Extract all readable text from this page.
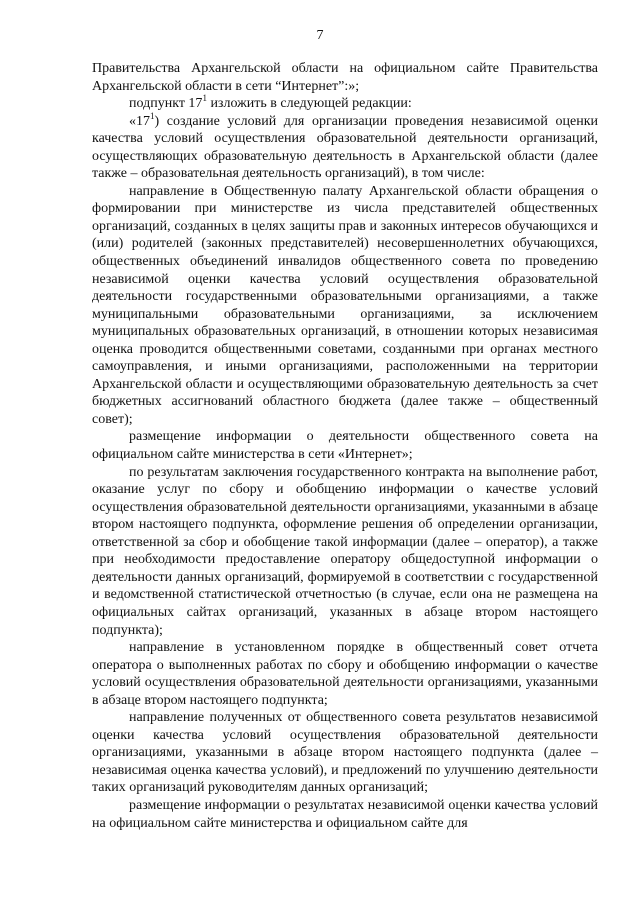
7

Правительства Архангельской области на официальном сайте Правительства Архангельской области в сети “Интернет”:»;

подпункт $17^1$ изложить в следующей редакции:

«$17^1$) создание условий для организации проведения независимой оценки качества условий осуществления образовательной деятельности организаций, осуществляющих образовательную деятельность в Архангельской области (далее также – образовательная деятельность организаций), в том числе:

направление в Общественную палату Архангельской области обращения о формировании при министерстве из числа представителей общественных организаций, созданных в целях защиты прав и законных интересов обучающихся и (или) родителей (законных представителей) несовершеннолетних обучающихся, общественных объединений инвалидов общественного совета по проведению независимой оценки качества условий осуществления образовательной деятельности государственными образовательными организациями, а также муниципальными образовательными организациями, за исключением муниципальных образовательных организаций, в отношении которых независимая оценка проводится общественными советами, созданными при органах местного самоуправления, и иными организациями, расположенными на территории Архангельской области и осуществляющими образовательную деятельность за счет бюджетных ассигнований областного бюджета (далее также – общественный совет);

размещение информации о деятельности общественного совета на официальном сайте министерства в сети «Интернет»;

по результатам заключения государственного контракта на выполнение работ, оказание услуг по сбору и обобщению информации о качестве условий осуществления образовательной деятельности организациями, указанными в абзаце втором настоящего подпункта, оформление решения об определении организации, ответственной за сбор и обобщение такой информации (далее – оператор), а также при необходимости предоставление оператору общедоступной информации о деятельности данных организаций, формируемой в соответствии с государственной и ведомственной статистической отчетностью (в случае, если она не размещена на официальных сайтах организаций, указанных в абзаце втором настоящего подпункта);

направление в установленном порядке в общественный совет отчета оператора о выполненных работах по сбору и обобщению информации о качестве условий осуществления образовательной деятельности организациями, указанными в абзаце втором настоящего подпункта;

направление полученных от общественного совета результатов независимой оценки качества условий осуществления образовательной деятельности организациями, указанными в абзаце втором настоящего подпункта (далее – независимая оценка качества условий), и предложений по улучшению деятельности таких организаций руководителям данных организаций;

размещение информации о результатах независимой оценки качества условий на официальном сайте министерства и официальном сайте для
